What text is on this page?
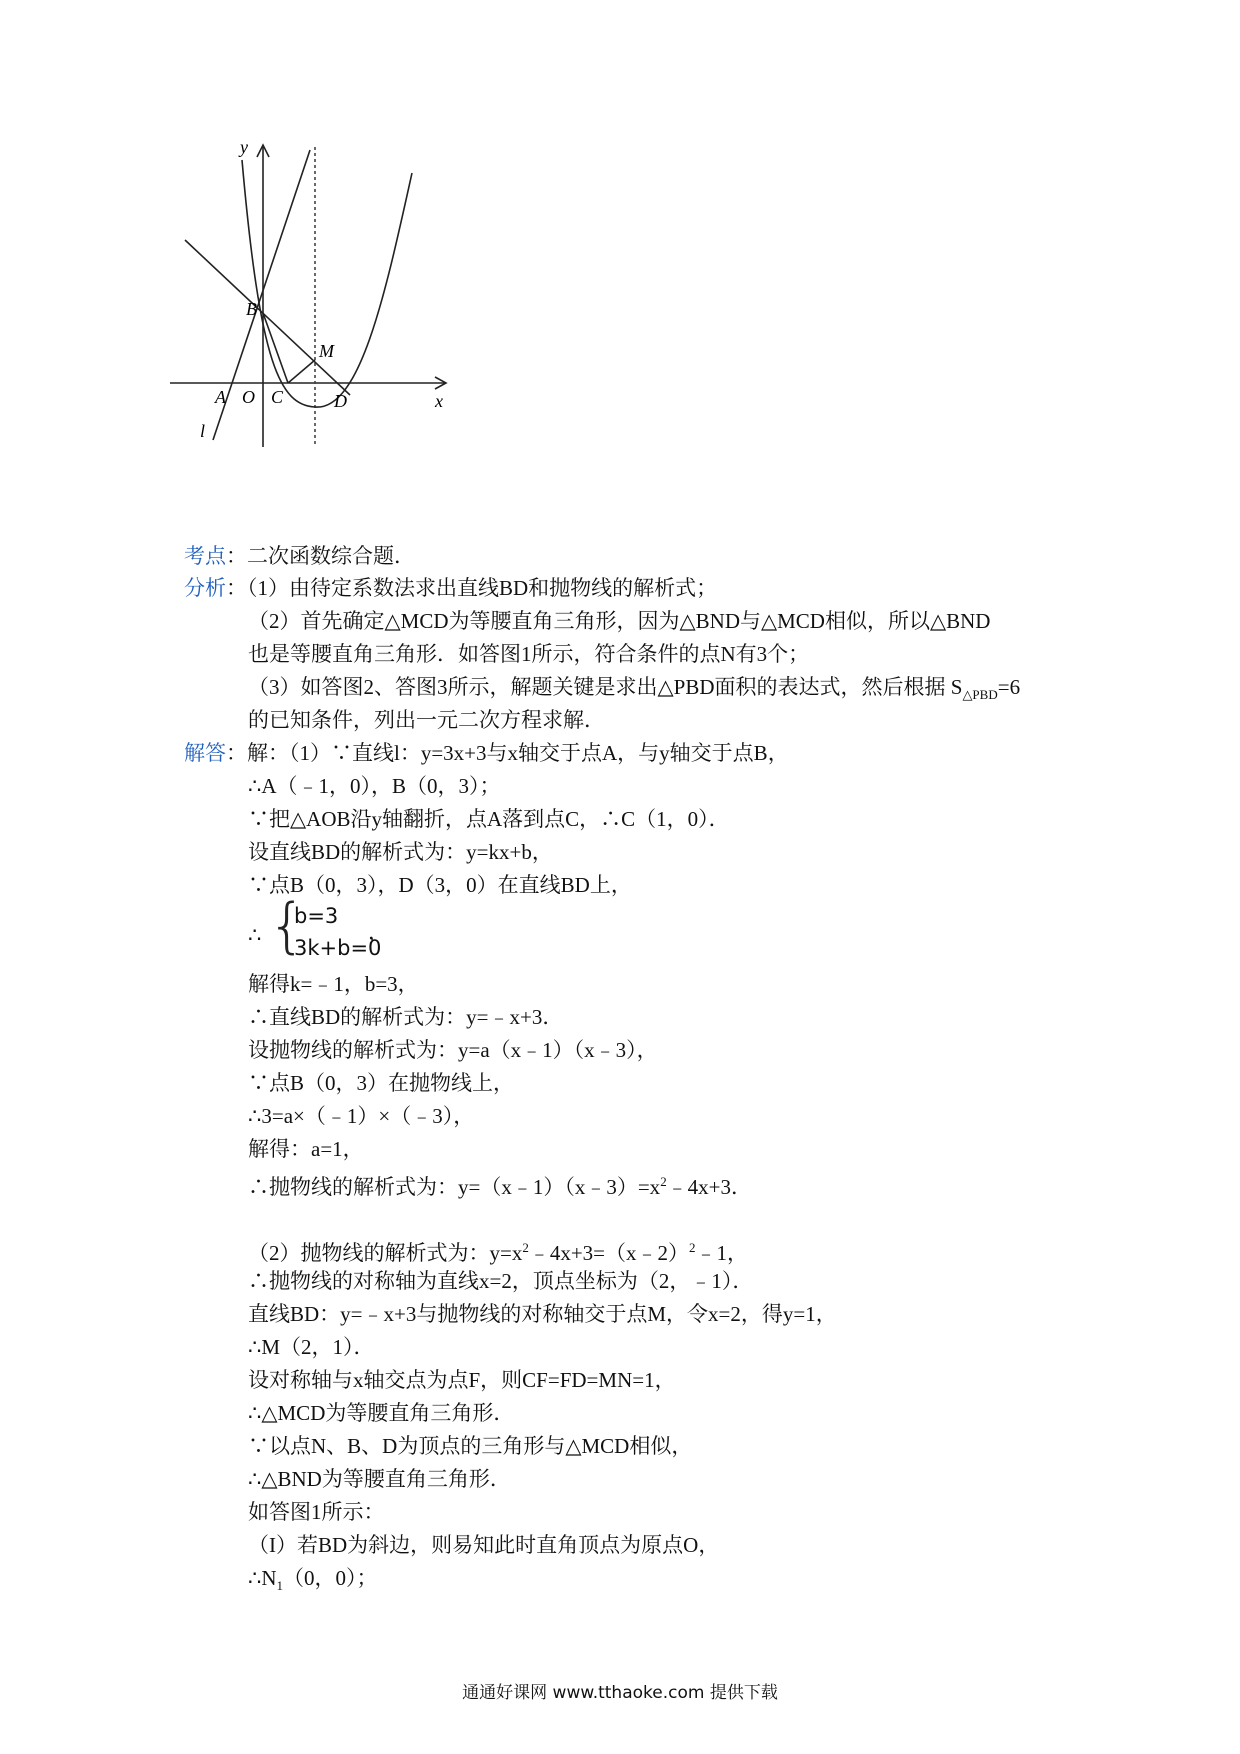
y
x
A O
B
C	D
M
l
考点：二次函数综合题．
分析：（1）由待定系数法求出直线BD和抛物线的解析式；
（2）首先确定△MCD为等腰直角三角形，因为△BND与△MCD相似，所以△BND
也是等腰直角三角形．如答图1所示，符合条件的点N有3个；
（3）如答图2、答图3所示，解题关键是求出△PBD面积的表达式，然后根据 $S_{\triangle PBD}=6$
的已知条件，列出一元二次方程求解．
解答：解：（1）∵直线l：y=3x+3与x轴交于点A，与y轴交于点B，
∴A（﹣1，0），B（0，3）；
∵把△AOB沿y轴翻折，点A落到点C，∴C（1，0）．
设直线BD的解析式为：y=kx+b，
∵点B（0，3），D（3，0）在直线BD上，
∴ {
b=3
3k+b=0
，
解得k=﹣1，b=3，
∴直线BD的解析式为：y=﹣x+3．
设抛物线的解析式为：y=a（x﹣1）（x﹣3），
∵点B（0，3）在抛物线上，
∴3=a×（﹣1）×（﹣3），
解得：a=1，
∴抛物线的解析式为：$y=(x﹣1)(x﹣3)=x^2﹣4x+3$．
（2）抛物线的解析式为：$y=x^2﹣4x+3=(x﹣2)^2﹣1$，
∴抛物线的对称轴为直线x=2，顶点坐标为（2，﹣1）．
直线BD：y=﹣x+3与抛物线的对称轴交于点M，令x=2，得y=1，
∴M（2，1）．
设对称轴与x轴交点为点F，则CF=FD=MN=1，
∴△MCD为等腰直角三角形．
∵以点N、B、D为顶点的三角形与△MCD相似，
∴△BND为等腰直角三角形．
如答图1所示：
（I）若BD为斜边，则易知此时直角顶点为原点O，
$\therefore N_1(0$，0）；
通通好课网 www.tthaoke.com 提供下载
